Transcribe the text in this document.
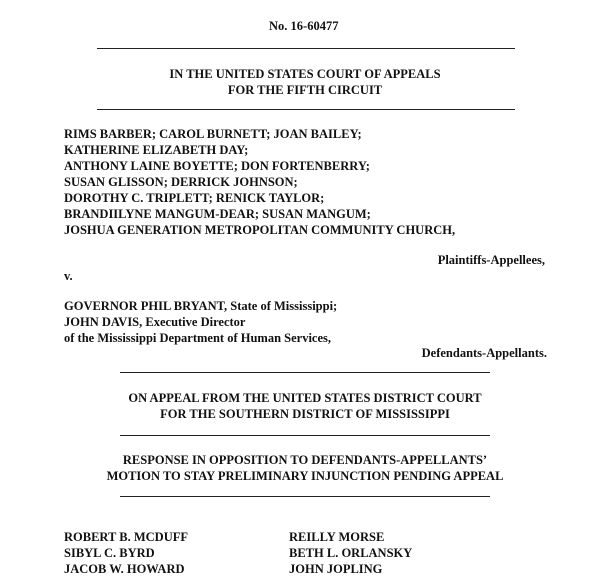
No. 16-60477
IN THE UNITED STATES COURT OF APPEALS
FOR THE FIFTH CIRCUIT
RIMS BARBER; CAROL BURNETT; JOAN BAILEY;
KATHERINE ELIZABETH DAY;
ANTHONY LAINE BOYETTE; DON FORTENBERRY;
SUSAN GLISSON; DERRICK JOHNSON;
DOROTHY C. TRIPLETT; RENICK TAYLOR;
BRANDIILYNE MANGUM-DEAR; SUSAN MANGUM;
JOSHUA GENERATION METROPOLITAN COMMUNITY CHURCH,
Plaintiffs-Appellees,
v.
GOVERNOR PHIL BRYANT, State of Mississippi;
JOHN DAVIS, Executive Director
of the Mississippi Department of Human Services,
Defendants-Appellants.
ON APPEAL FROM THE UNITED STATES DISTRICT COURT
FOR THE SOUTHERN DISTRICT OF MISSISSIPPI
RESPONSE IN OPPOSITION TO DEFENDANTS-APPELLANTS’
MOTION TO STAY PRELIMINARY INJUNCTION PENDING APPEAL
ROBERT B. MCDUFF
SIBYL C. BYRD
JACOB W. HOWARD
REILLY MORSE
BETH L. ORLANSKY
JOHN JOPLING
